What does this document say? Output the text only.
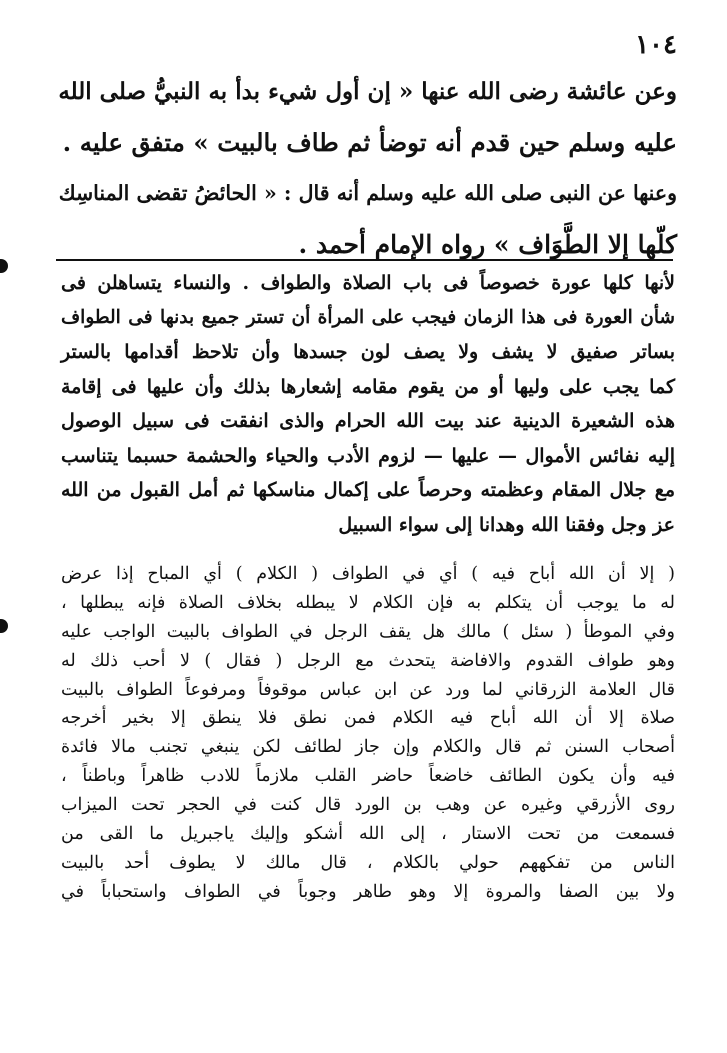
١٠٤
وعن عائشة رضى الله عنها « إن أول شيء بدأ به النبيُّ صلى الله
عليه وسلم حين قدم أنه توضأ ثم طاف بالبيت » متفق عليه .
وعنها عن النبى صلى الله عليه وسلم أنه قال : « الحائضُ تقضى المناسِك
كلّها إلا الطَّوَاف » رواه الإمام أحمد .
لأنها كلها عورة خصوصاً فى باب الصلاة والطواف . والنساء يتساهلن فى
شأن العورة فى هذا الزمان فيجب على المرأة أن تستر جميع بدنها فى الطواف
بساتر صفيق لا يشف ولا يصف لون جسدها وأن تلاحظ أقدامها بالستر
كما يجب على وليها أو من يقوم مقامه إشعارها بذلك وأن عليها فى إقامة
هذه الشعيرة الدينية عند بيت الله الحرام والذى انفقت فى سبيل الوصول
إليه نفائس الأموال — عليها — لزوم الأدب والحياء والحشمة حسبما يتناسب
مع جلال المقام وعظمته وحرصاً على إكمال مناسكها ثم أمل القبول من الله
عز وجل وفقنا الله وهدانا إلى سواء السبيل
( إلا أن الله أباح فيه ) أي في الطواف ( الكلام ) أي المباح إذا عرض
له ما يوجب أن يتكلم به فإن الكلام لا يبطله بخلاف الصلاة فإنه يبطلها ،
وفي الموطأ ( سئل ) مالك هل يقف الرجل في الطواف بالبيت الواجب عليه
وهو طواف القدوم والافاضة يتحدث مع الرجل ( فقال ) لا أحب ذلك له
قال العلامة الزرقاني لما ورد عن ابن عباس موقوفاً ومرفوعاً الطواف بالبيت
صلاة إلا أن الله أباح فيه الكلام فمن نطق فلا ينطق إلا بخير أخرجه
أصحاب السنن ثم قال والكلام وإن جاز لطائف لكن ينبغي تجنب مالا فائدة
فيه وأن يكون الطائف خاضعاً حاضر القلب ملازماً للادب ظاهراً وباطناً ،
روى الأزرقي وغيره عن وهب بن الورد قال كنت في الحجر تحت الميزاب
فسمعت من تحت الاستار ، إلى الله أشكو وإليك ياجبريل ما القى من
الناس من تفكههم حولي بالكلام ، قال مالك لا يطوف أحد بالبيت
ولا بين الصفا والمروة إلا وهو طاهر وجوباً في الطواف واستحباباً في
